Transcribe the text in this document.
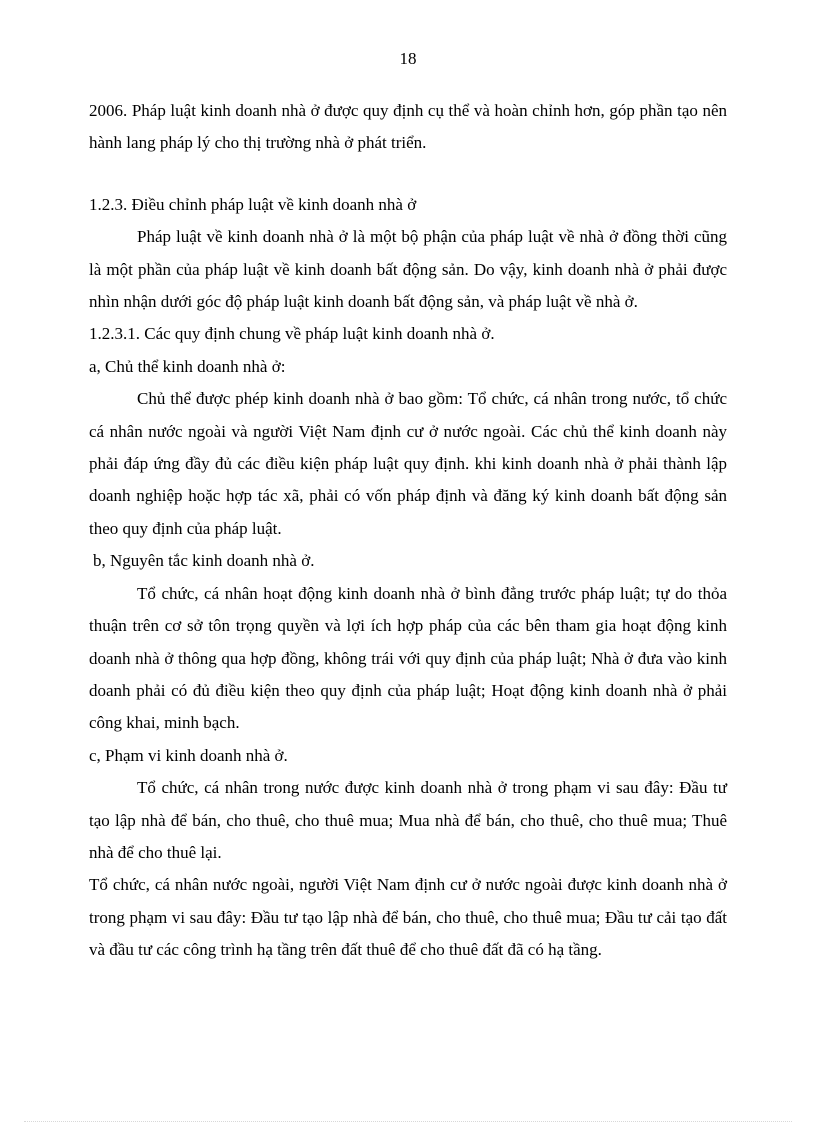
18

2006. Pháp luật kinh doanh nhà ở được quy định cụ thể và hoàn chỉnh hơn, góp phần tạo nên hành lang pháp lý cho thị trường nhà ở phát triển.

1.2.3. Điều chỉnh pháp luật về kinh doanh nhà ở

Pháp luật về kinh doanh nhà ở là một bộ phận của pháp luật về nhà ở đồng thời cũng là một phần của pháp luật về kinh doanh bất động sản. Do vậy, kinh doanh nhà ở phải được nhìn nhận dưới góc độ pháp luật kinh doanh bất động sản, và pháp luật về nhà ở.

1.2.3.1. Các quy định chung về pháp luật kinh doanh nhà ở.

a, Chủ thể kinh doanh nhà ở:

Chủ thể được phép kinh doanh nhà ở bao gồm: Tổ chức, cá nhân trong nước, tổ chức cá nhân nước ngoài và người Việt Nam định cư ở nước ngoài. Các chủ thể kinh doanh này phải đáp ứng đầy đủ các điều kiện pháp luật quy định. khi kinh doanh nhà ở phải thành lập doanh nghiệp hoặc hợp tác xã, phải có vốn pháp định và đăng ký kinh doanh bất động sản theo quy định của pháp luật.

b, Nguyên tắc kinh doanh nhà ở.

Tổ chức, cá nhân hoạt động kinh doanh nhà ở bình đẳng trước pháp luật; tự do thỏa thuận trên cơ sở tôn trọng quyền và lợi ích hợp pháp của các bên tham gia hoạt động kinh doanh nhà ở thông qua hợp đồng, không trái với quy định của pháp luật; Nhà ở đưa vào kinh doanh phải có đủ điều kiện theo quy định của pháp luật; Hoạt động kinh doanh nhà ở phải công khai, minh bạch.

c, Phạm vi kinh doanh nhà ở.

Tổ chức, cá nhân trong nước được kinh doanh nhà ở trong phạm vi sau đây: Đầu tư tạo lập nhà để bán, cho thuê, cho thuê mua; Mua nhà để bán, cho thuê, cho thuê mua; Thuê nhà để cho thuê lại.

Tổ chức, cá nhân nước ngoài, người Việt Nam định cư ở nước ngoài được kinh doanh nhà ở trong phạm vi sau đây: Đầu tư tạo lập nhà để bán, cho thuê, cho thuê mua; Đầu tư cải tạo đất và đầu tư các công trình hạ tầng trên đất thuê để cho thuê đất đã có hạ tầng.
